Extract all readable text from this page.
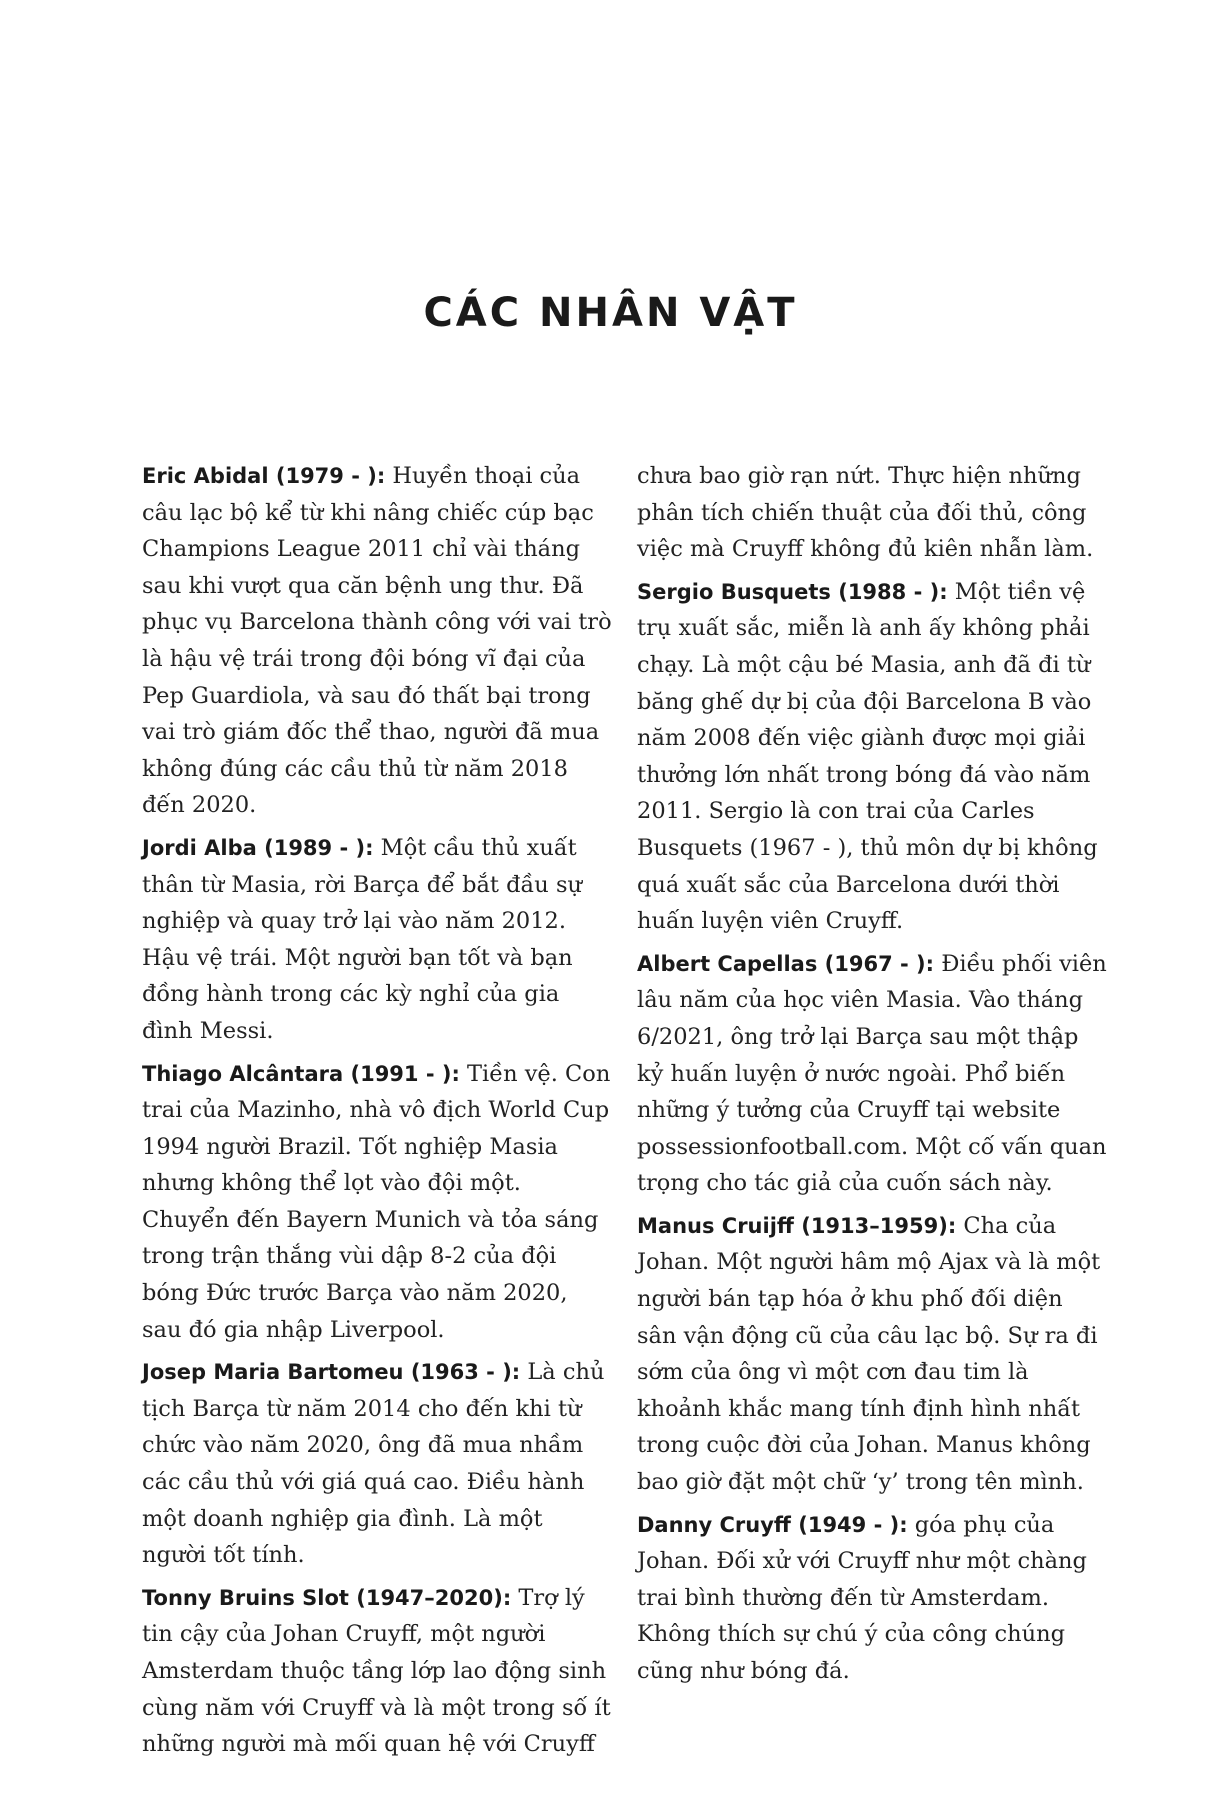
CÁC NHÂN VẬT

Eric Abidal (1979 - ): Huyền thoại của câu lạc bộ kể từ khi nâng chiếc cúp bạc Champions League 2011 chỉ vài tháng sau khi vượt qua căn bệnh ung thư. Đã phục vụ Barcelona thành công với vai trò là hậu vệ trái trong đội bóng vĩ đại của Pep Guardiola, và sau đó thất bại trong vai trò giám đốc thể thao, người đã mua không đúng các cầu thủ từ năm 2018 đến 2020.

Jordi Alba (1989 - ): Một cầu thủ xuất thân từ Masia, rời Barça để bắt đầu sự nghiệp và quay trở lại vào năm 2012. Hậu vệ trái. Một người bạn tốt và bạn đồng hành trong các kỳ nghỉ của gia đình Messi.

Thiago Alcântara (1991 - ): Tiền vệ. Con trai của Mazinho, nhà vô địch World Cup 1994 người Brazil. Tốt nghiệp Masia nhưng không thể lọt vào đội một. Chuyển đến Bayern Munich và tỏa sáng trong trận thắng vùi dập 8-2 của đội bóng Đức trước Barça vào năm 2020, sau đó gia nhập Liverpool.

Josep Maria Bartomeu (1963 - ): Là chủ tịch Barça từ năm 2014 cho đến khi từ chức vào năm 2020, ông đã mua nhầm các cầu thủ với giá quá cao. Điều hành một doanh nghiệp gia đình. Là một người tốt tính.

Tonny Bruins Slot (1947–2020): Trợ lý tin cậy của Johan Cruyff, một người Amsterdam thuộc tầng lớp lao động sinh cùng năm với Cruyff và là một trong số ít những người mà mối quan hệ với Cruyff

chưa bao giờ rạn nứt. Thực hiện những phân tích chiến thuật của đối thủ, công việc mà Cruyff không đủ kiên nhẫn làm.

Sergio Busquets (1988 - ): Một tiền vệ trụ xuất sắc, miễn là anh ấy không phải chạy. Là một cậu bé Masia, anh đã đi từ băng ghế dự bị của đội Barcelona B vào năm 2008 đến việc giành được mọi giải thưởng lớn nhất trong bóng đá vào năm 2011. Sergio là con trai của Carles Busquets (1967 - ), thủ môn dự bị không quá xuất sắc của Barcelona dưới thời huấn luyện viên Cruyff.

Albert Capellas (1967 - ): Điều phối viên lâu năm của học viên Masia. Vào tháng 6/2021, ông trở lại Barça sau một thập kỷ huấn luyện ở nước ngoài. Phổ biến những ý tưởng của Cruyff tại website possessionfootball.com. Một cố vấn quan trọng cho tác giả của cuốn sách này.

Manus Cruijff (1913–1959): Cha của Johan. Một người hâm mộ Ajax và là một người bán tạp hóa ở khu phố đối diện sân vận động cũ của câu lạc bộ. Sự ra đi sớm của ông vì một cơn đau tim là khoảnh khắc mang tính định hình nhất trong cuộc đời của Johan. Manus không bao giờ đặt một chữ ‘y’ trong tên mình.

Danny Cruyff (1949 - ): góa phụ của Johan. Đối xử với Cruyff như một chàng trai bình thường đến từ Amsterdam. Không thích sự chú ý của công chúng cũng như bóng đá.
